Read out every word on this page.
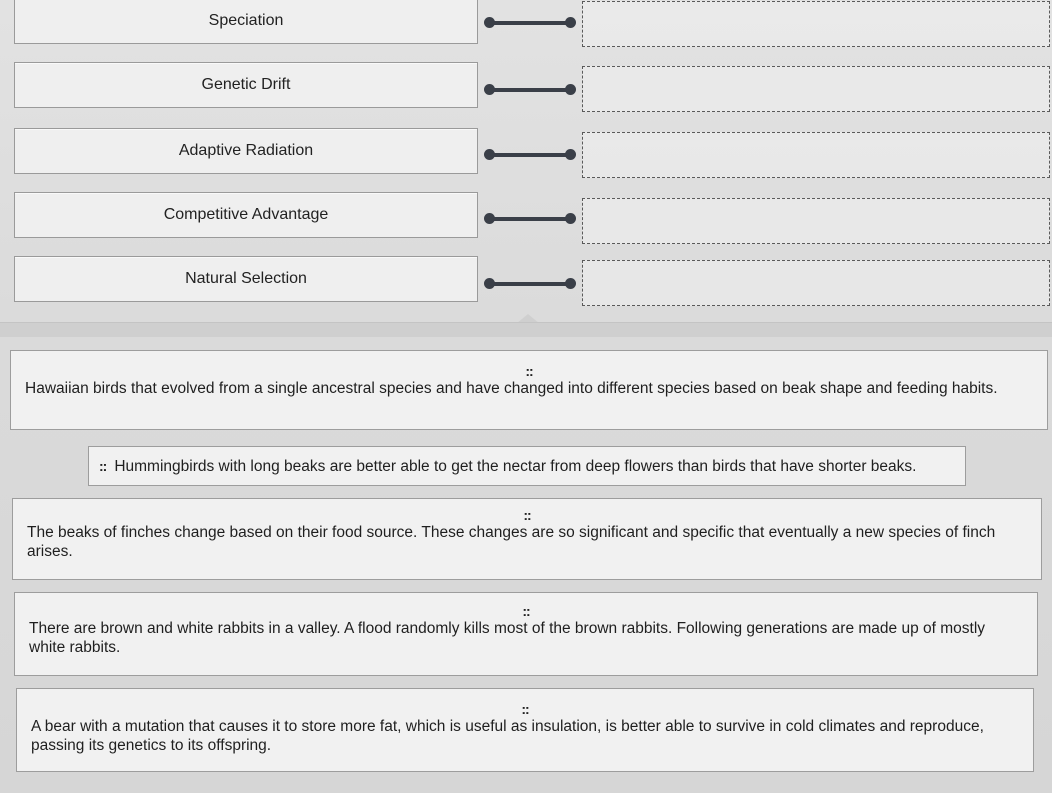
Speciation
Genetic Drift
Adaptive Radiation
Competitive Advantage
Natural Selection
::
Hawaiian birds that evolved from a single ancestral species and have changed into different species based on beak shape and feeding habits.
:: Hummingbirds with long beaks are better able to get the nectar from deep flowers than birds that have shorter beaks.
::
The beaks of finches change based on their food source. These changes are so significant and specific that eventually a new species of finch arises.
::
There are brown and white rabbits in a valley. A flood randomly kills most of the brown rabbits. Following generations are made up of mostly white rabbits.
::
A bear with a mutation that causes it to store more fat, which is useful as insulation, is better able to survive in cold climates and reproduce, passing its genetics to its offspring.
